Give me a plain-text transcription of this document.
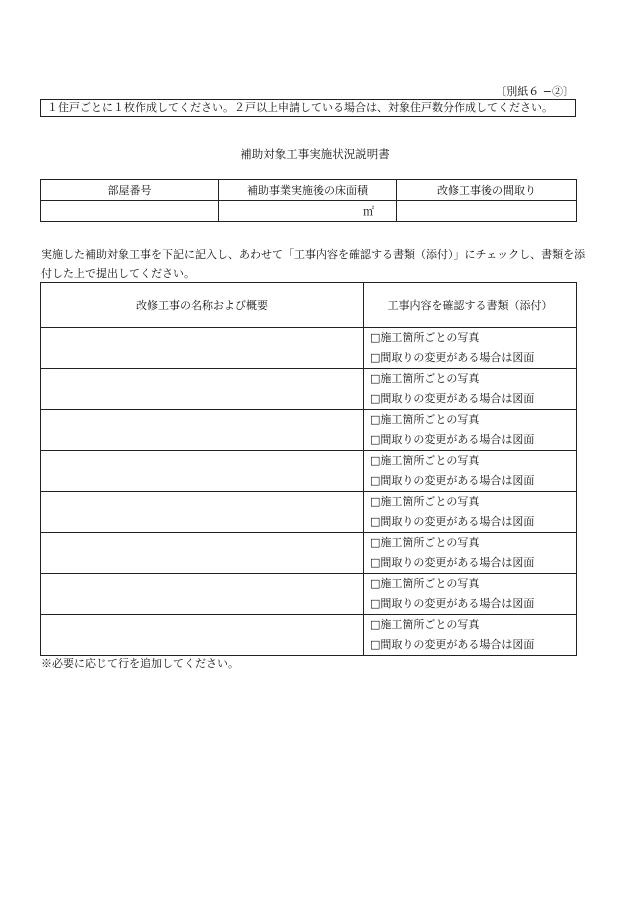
〔別紙６ −②〕
１住戸ごとに１枚作成してください。２戸以上申請している場合は、対象住戸数分作成してください。
補助対象工事実施状況説明書
部屋番号	補助事業実施後の床面積	改修工事後の間取り
	㎡	
実施した補助対象工事を下記に記入し、あわせて「工事内容を確認する書類（添付）」にチェックし、書類を添付した上で提出してください。
改修工事の名称および概要	工事内容を確認する書類（添付）

	□施工箇所ごとの写真
□間取りの変更がある場合は図面

	□施工箇所ごとの写真
□間取りの変更がある場合は図面

	□施工箇所ごとの写真
□間取りの変更がある場合は図面

	□施工箇所ごとの写真
□間取りの変更がある場合は図面

	□施工箇所ごとの写真
□間取りの変更がある場合は図面

	□施工箇所ごとの写真
□間取りの変更がある場合は図面

	□施工箇所ごとの写真
□間取りの変更がある場合は図面

	□施工箇所ごとの写真
□間取りの変更がある場合は図面
※必要に応じて行を追加してください。
